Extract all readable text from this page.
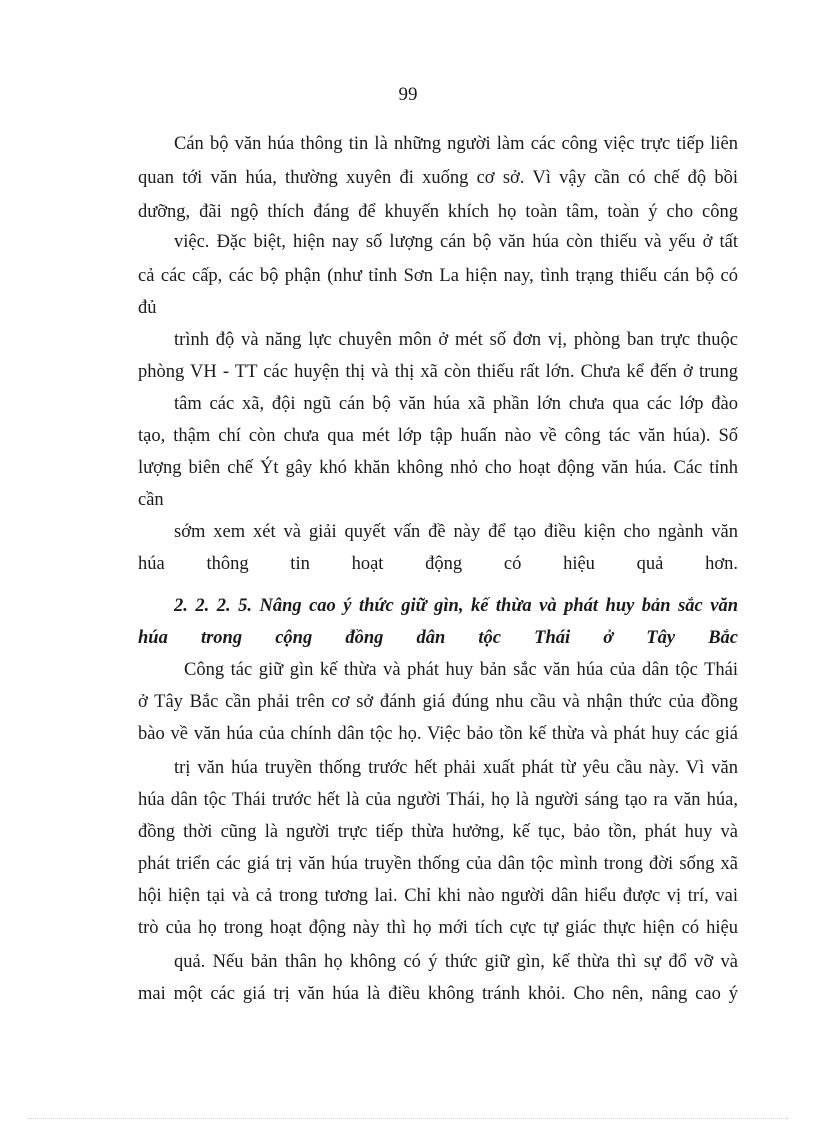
99
Cán bộ văn húa thông tin là những người làm các công việc trực tiếp liên
quan tới văn húa, thường xuyên đi xuống cơ sở. Vì vậy cần có chế độ bồi
dưỡng, đãi ngộ thích đáng để khuyến khích họ toàn tâm, toàn ý cho công
việc. Đặc biệt, hiện nay số lượng cán bộ văn húa còn thiếu và yếu ở tất
cả các cấp, các bộ phận (như tỉnh Sơn La hiện nay, tình trạng thiếu cán bộ có
đủ
trình độ và năng lực chuyên môn ở mét số đơn vị, phòng ban trực thuộc
phòng VH - TT các huyện thị và thị xã còn thiếu rất lớn. Chưa kể đến ở trung
tâm các xã, đội ngũ cán bộ văn húa xã phần lớn chưa qua các lớp đào
tạo, thậm chí còn chưa qua mét lớp tập huấn nào về công tác văn húa). Số
lượng biên chế Ýt gây khó khăn không nhỏ cho hoạt động văn húa. Các tỉnh
cần
sớm xem xét và giải quyết vấn đề này để tạo điều kiện cho ngành văn
húa thông tin hoạt động có hiệu quả hơn.
2. 2. 2. 5. Nâng cao ý thức giữ gìn, kế thừa và phát huy bản sắc văn
húa trong cộng đồng dân tộc Thái ở Tây Bắc
Công tác giữ gìn kế thừa và phát huy bản sắc văn húa của dân tộc Thái
ở Tây Bắc cần phải trên cơ sở đánh giá đúng nhu cầu và nhận thức của đồng
bào về văn húa của chính dân tộc họ. Việc bảo tồn kế thừa và phát huy các giá
trị văn húa truyền thống trước hết phải xuất phát từ yêu cầu này. Vì văn
húa dân tộc Thái trước hết là của người Thái, họ là người sáng tạo ra văn húa,
đồng thời cũng là người trực tiếp thừa hưởng, kế tục, bảo tồn, phát huy và
phát triển các giá trị văn húa truyền thống của dân tộc mình trong đời sống xã
hội hiện tại và cả trong tương lai. Chỉ khi nào người dân hiểu được vị trí, vai
trò của họ trong hoạt động này thì họ mới tích cực tự giác thực hiện có hiệu
quả. Nếu bản thân họ không có ý thức giữ gìn, kế thừa thì sự đổ vỡ và
mai một các giá trị văn húa là điều không tránh khỏi. Cho nên, nâng cao ý
